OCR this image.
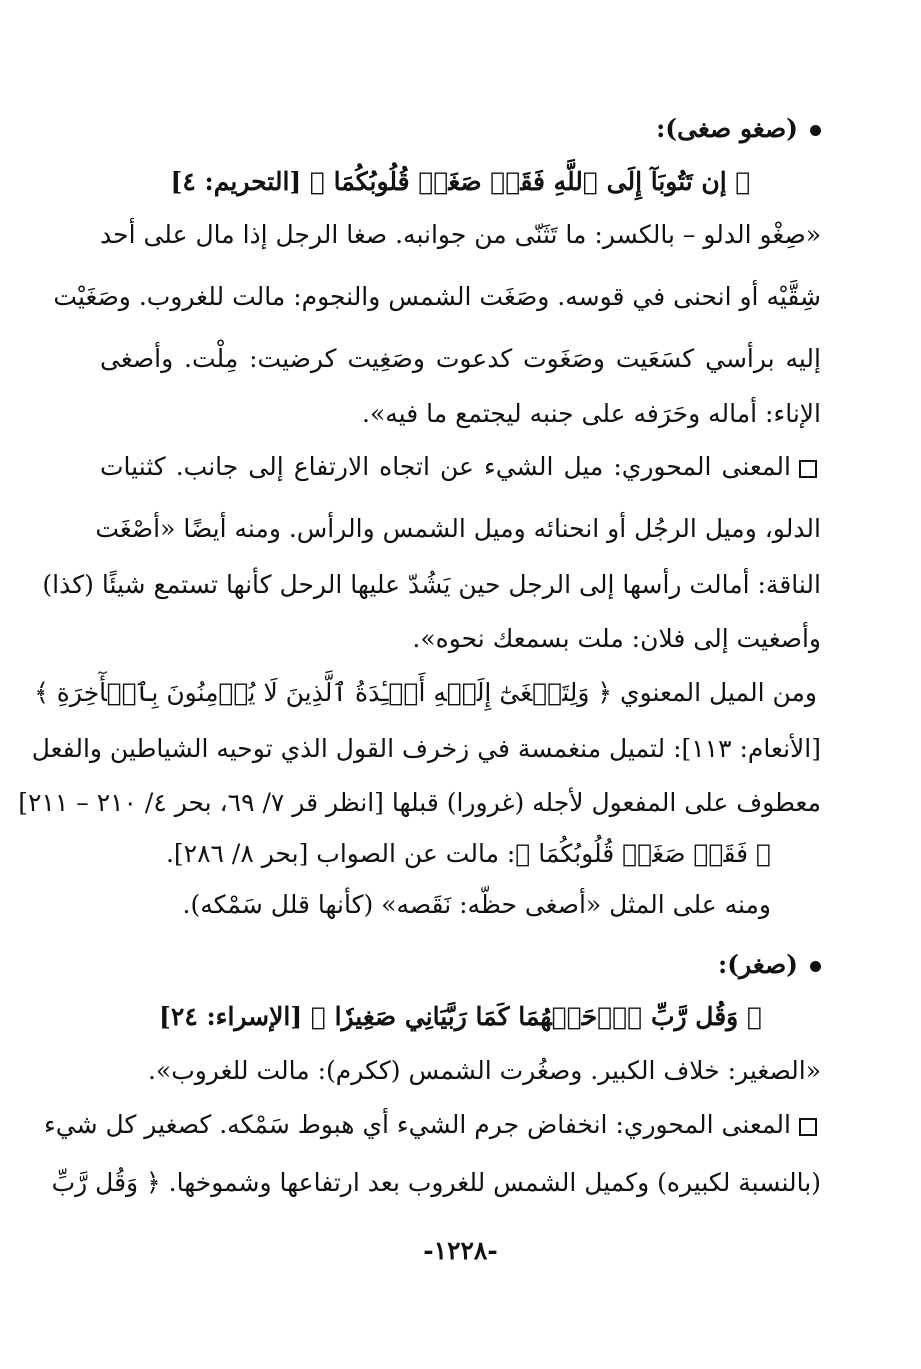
(صغو صغى):
﴿ إن تَتُوبَآ إِلَى ٱللَّهِ فَقَدۡ صَغَتۡ قُلُوبُكُمَا ﴾ [التحريم: ٤]
«صِغْو الدلو – بالكسر: ما تَثَنّى من جوانبه. صغا الرجل إذا مال على أحد
شِقَّيْه أو انحنى في قوسه. وصَغَت الشمس والنجوم: مالت للغروب. وصَغَيْت
إليه برأسي كسَعَيت وصَغَوت كدعوت وصَغِيت كرضيت: مِلْت. وأصغى
الإناء: أماله وحَرَفه على جنبه ليجتمع ما فيه».
المعنى المحوري: ميل الشيء عن اتجاه الارتفاع إلى جانب. كثنيات
الدلو، وميل الرجُل أو انحنائه وميل الشمس والرأس. ومنه أيضًا «أصْغَت
الناقة: أمالت رأسها إلى الرجل حين يَشُدّ عليها الرحل كأنها تستمع شيئًا (كذا)
وأصغيت إلى فلان: ملت بسمعك نحوه».
ومن الميل المعنوي ﴿ وَلِتَصۡغَىٰٓ إِلَيۡهِ أَفۡـِٔدَةُ ٱلَّذِينَ لَا يُؤۡمِنُونَ بِٱلۡأٓخِرَةِ ﴾
[الأنعام: ١١٣]: لتميل منغمسة في زخرف القول الذي توحيه الشياطين والفعل
معطوف على المفعول لأجله (غرورا) قبلها [انظر قر ٧/ ٦٩، بحر ٤/ ٢١٠ – ٢١١]
﴿ فَقَدۡ صَغَتۡ قُلُوبُكُمَا ﴾: مالت عن الصواب [بحر ٨/ ٢٨٦].
ومنه على المثل «أصغى حظّه: نَقَصه» (كأنها قلل سَمْكه).
(صغر):
﴿ وَقُل رَّبِّ ٱرۡحَمۡهُمَا كَمَا رَبَّيَانِي صَغِيرٗا ﴾ [الإسراء: ٢٤]
«الصغير: خلاف الكبير. وصغُرت الشمس (ككرم): مالت للغروب».
المعنى المحوري: انخفاض جرم الشيء أي هبوط سَمْكه. كصغير كل شيء
(بالنسبة لكبيره) وكميل الشمس للغروب بعد ارتفاعها وشموخها. ﴿ وَقُل رَّبِّ
-١٢٢٨-
